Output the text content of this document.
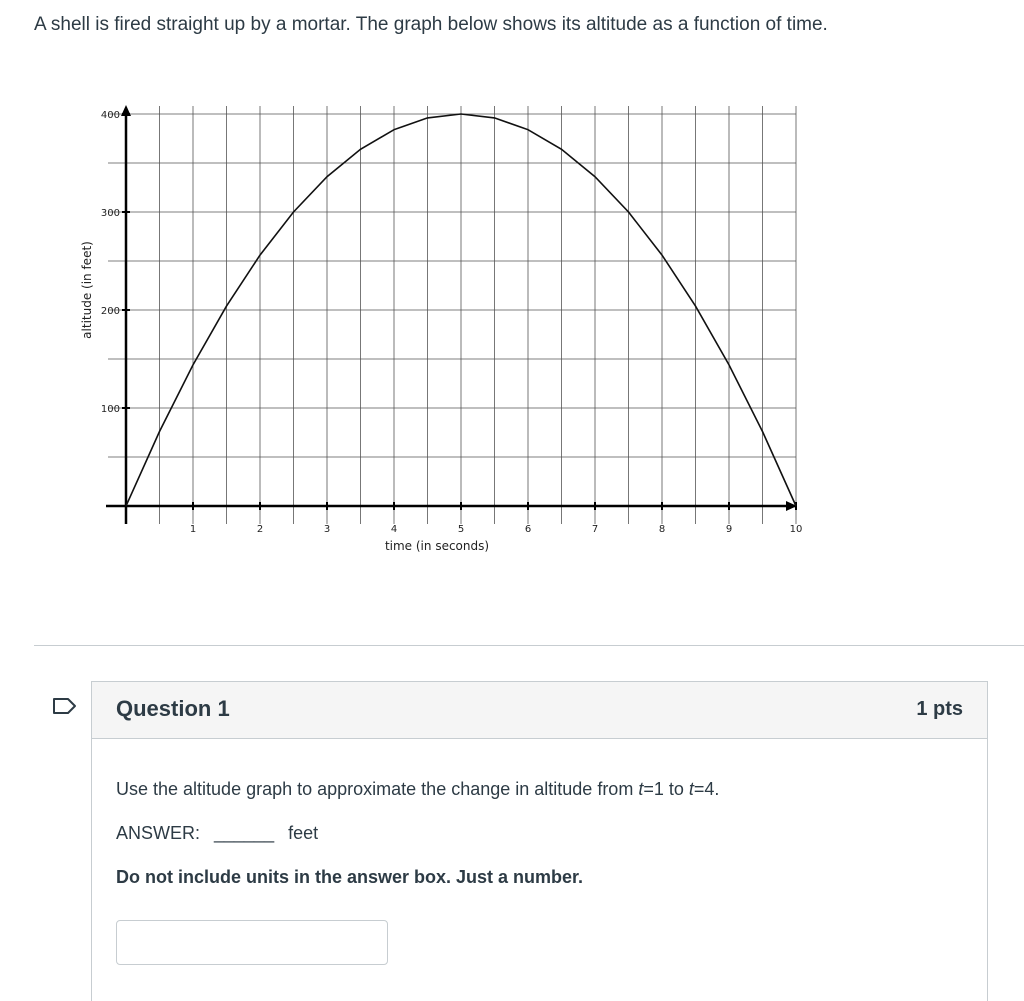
A shell is fired straight up by a mortar. The graph below shows its altitude as a function of time.

1	2	3	4	5	6	7	8	9	10
100
200
300
400
time (in seconds)
altitude (in feet)
Question 1	1 pts

Use the altitude graph to approximate the change in altitude from t=1 to t=4.

ANSWER: ______ feet

Do not include units in the answer box. Just a number.
